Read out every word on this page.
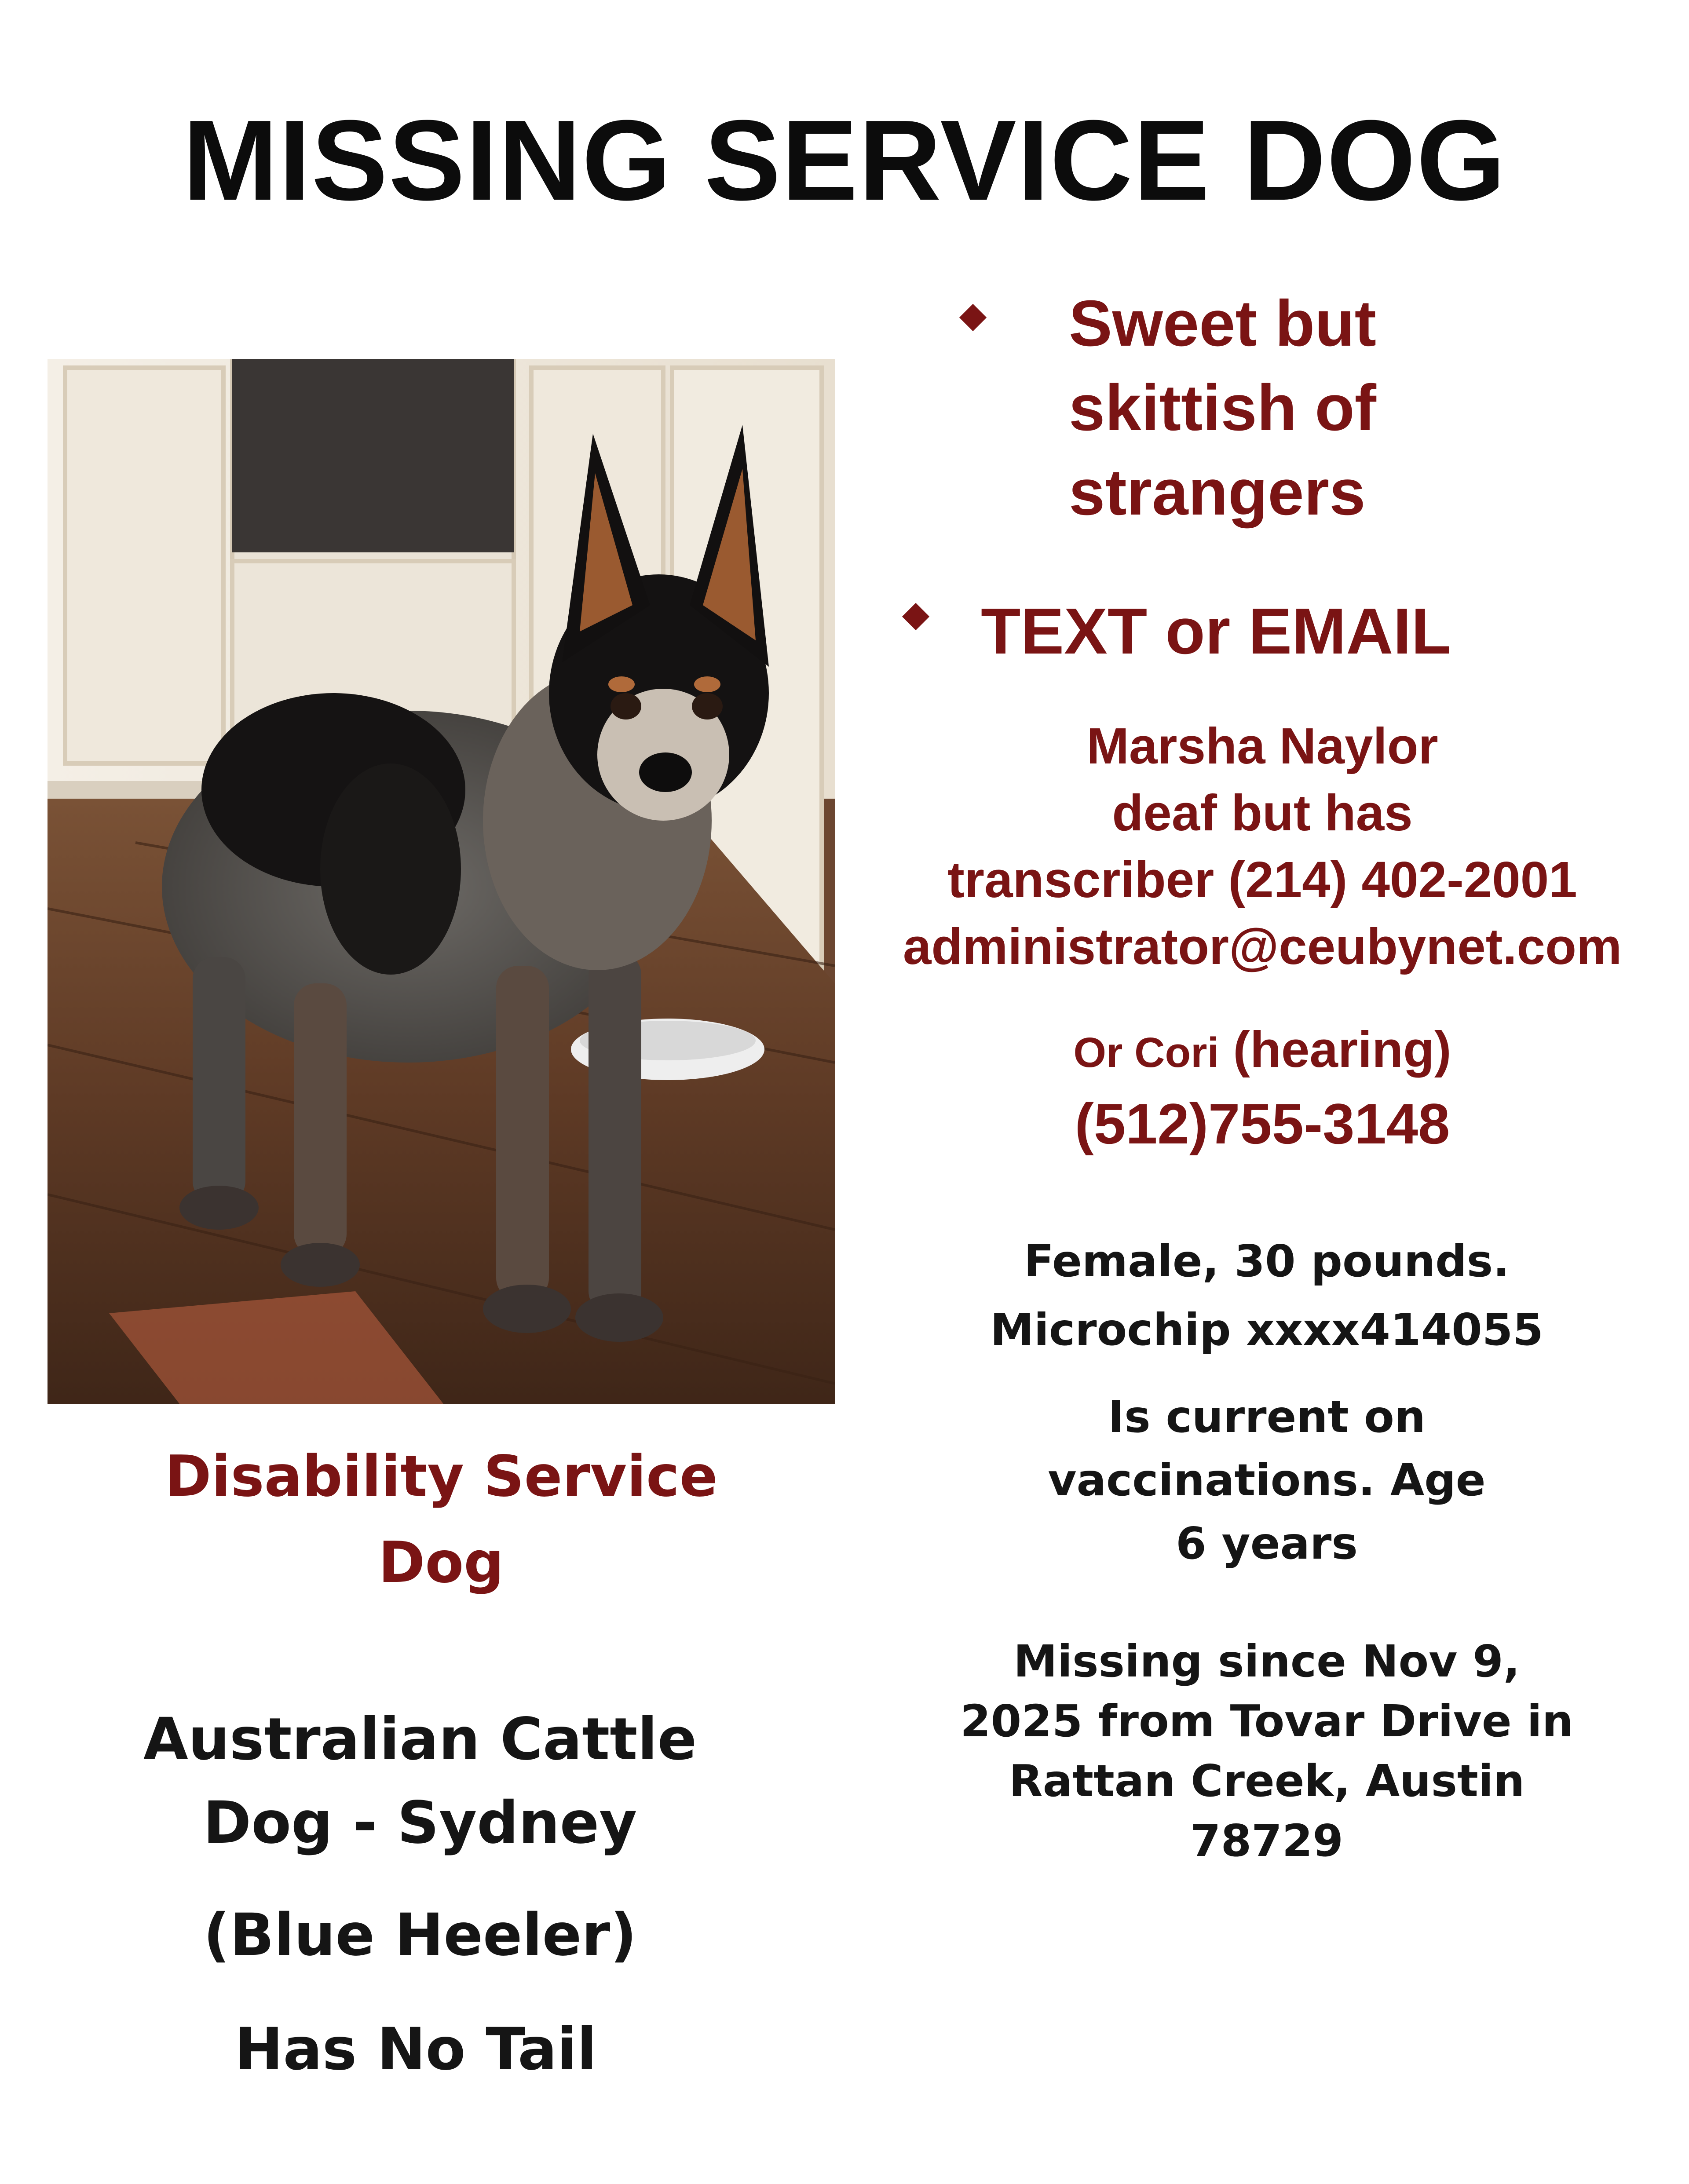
MISSING SERVICE DOG
Sweet but
skittish of
strangers
TEXT or EMAIL
Marsha Naylor
deaf but has
transcriber (214) 402-2001
administrator@ceubynet.com
Or Cori (hearing)
(512)755-3148
Female, 30 pounds.
Microchip xxxx414055
Is current on
vaccinations. Age
6 years
Missing since Nov 9,
2025 from Tovar Drive in
Rattan Creek, Austin
78729
Disability Service
Dog
Australian Cattle
Dog - Sydney
(Blue Heeler)
Has No Tail
